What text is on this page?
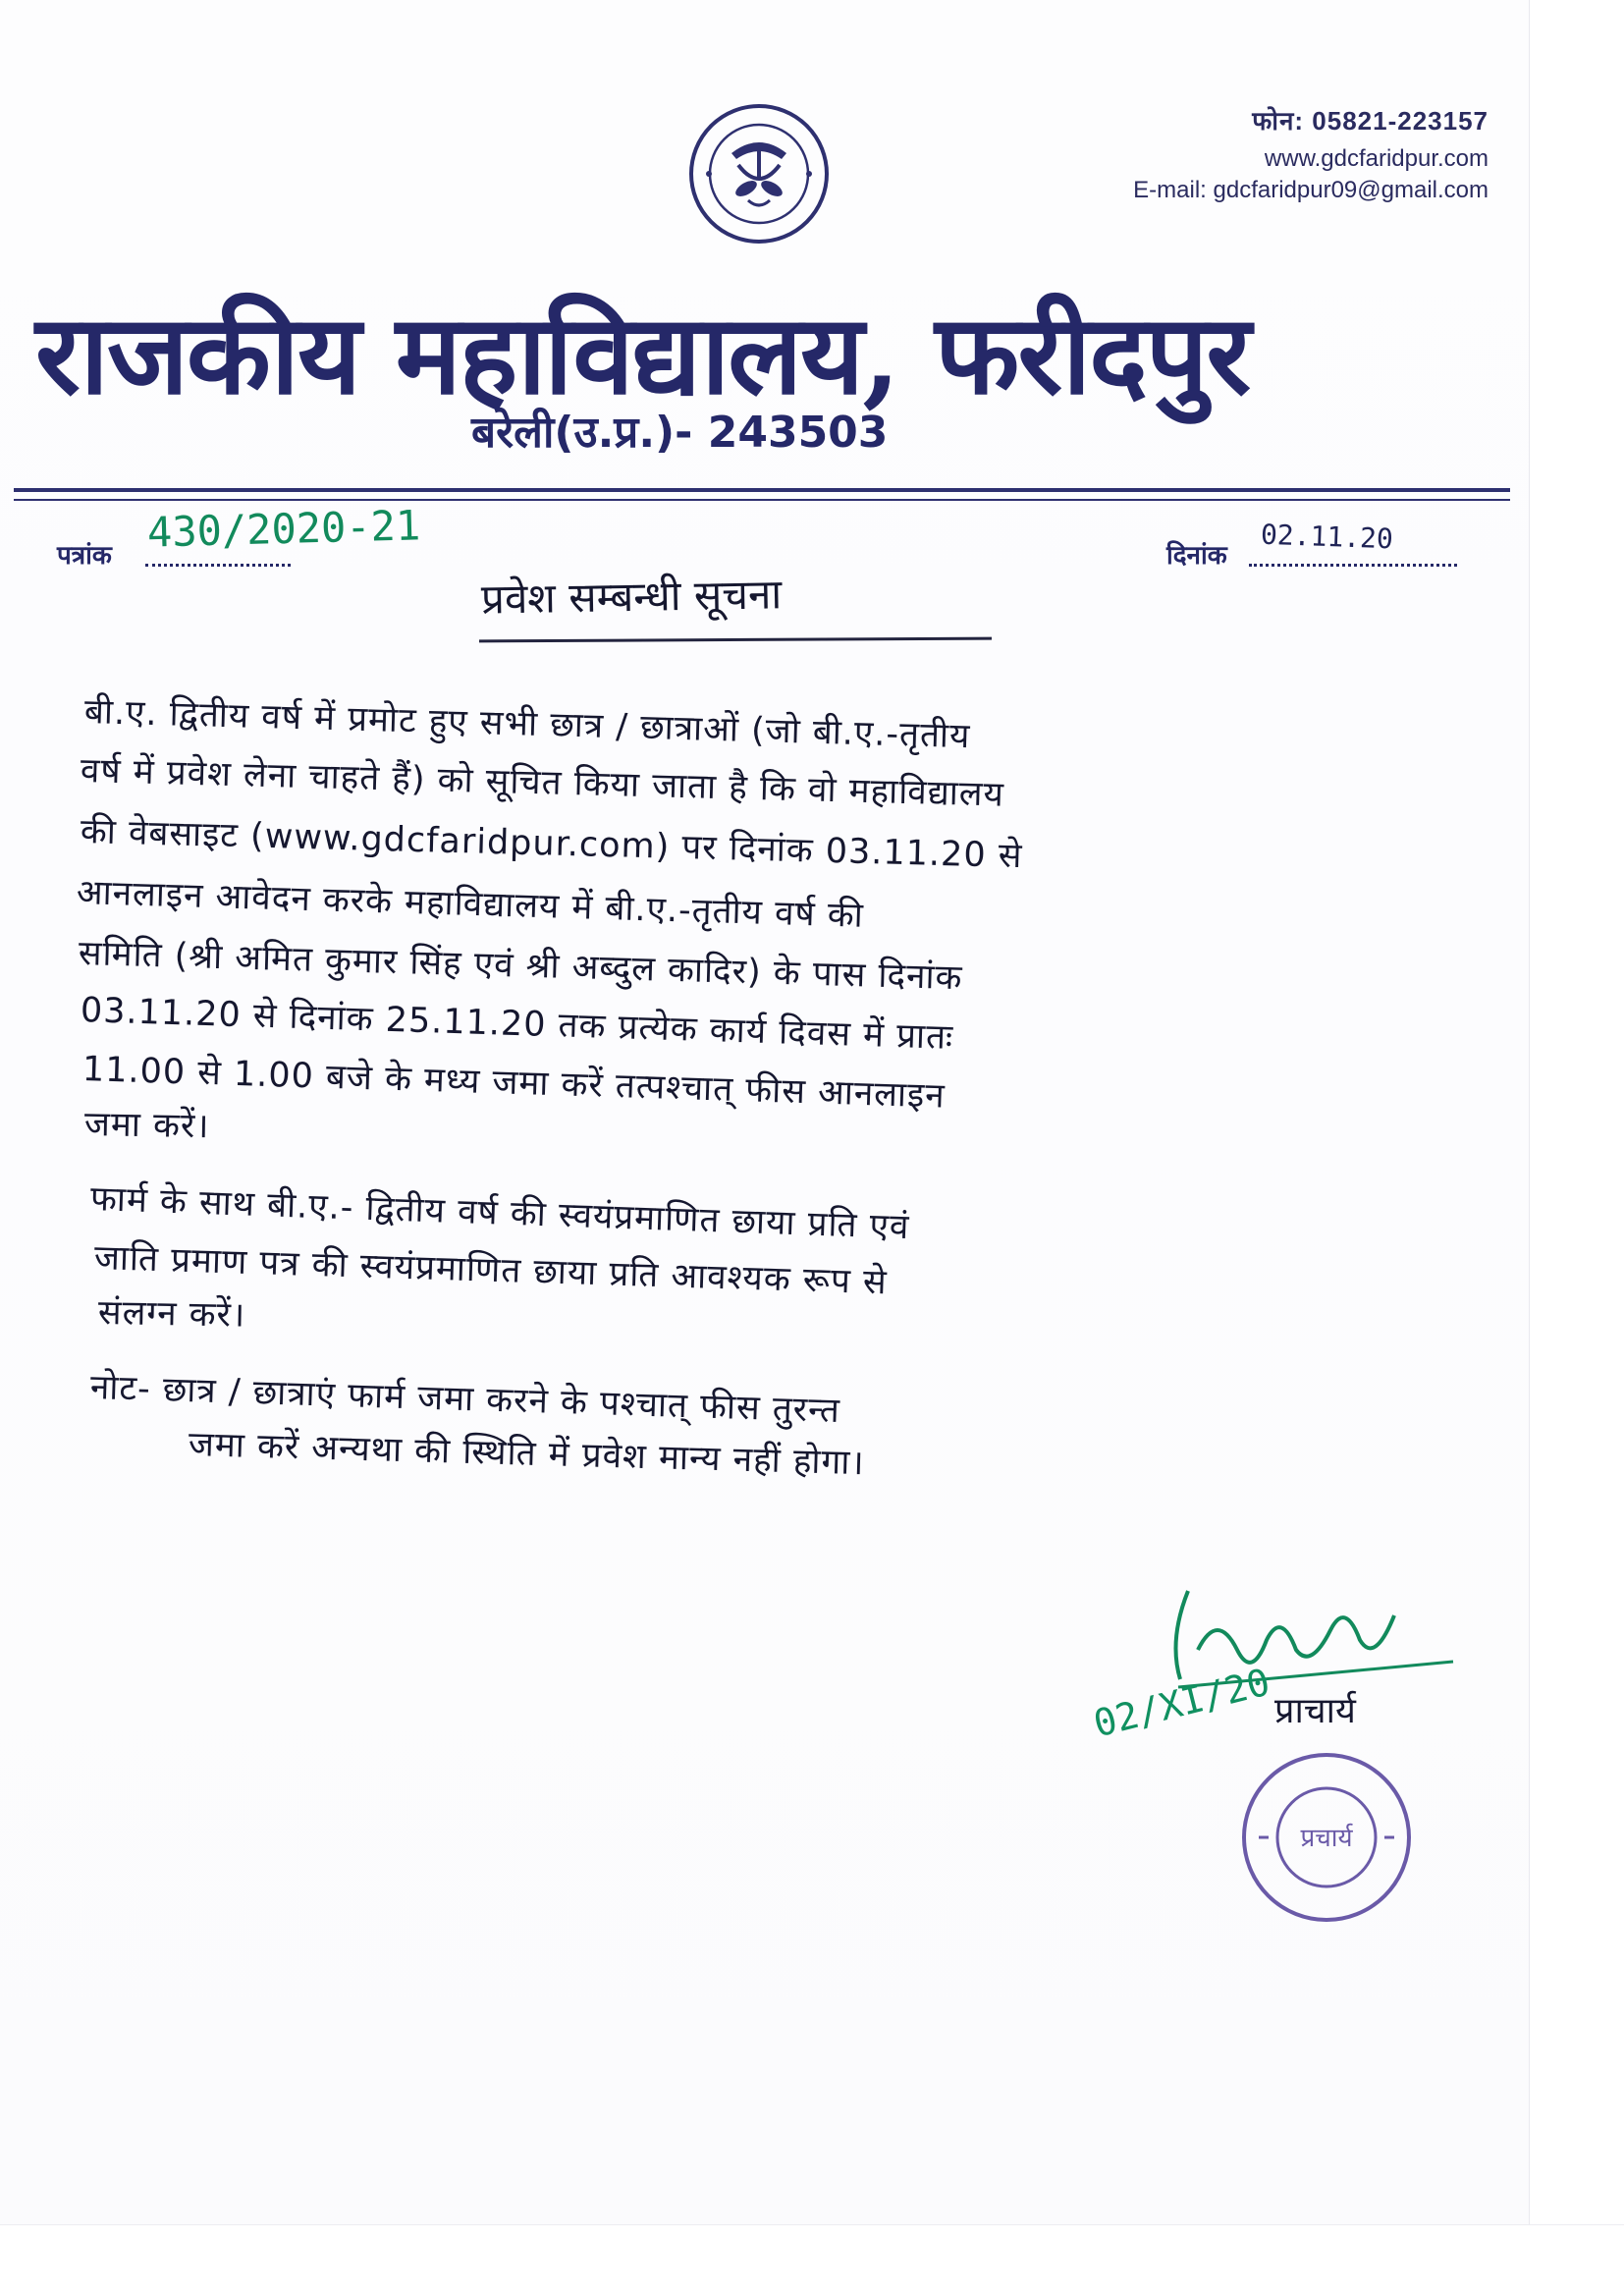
फोन: 05821-223157
www.gdcfaridpur.com
E-mail: gdcfaridpur09@gmail.com
राजकीय महाविद्यालय, फरीदपुर
बरेली(उ.प्र.)- 243503
पत्रांक 430/2020-21	दिनांक
02.11.20
प्रवेश सम्बन्धी सूचना
बी.ए. द्वितीय वर्ष में प्रमोट हुए सभी छात्र / छात्राओं (जो बी.ए.-तृतीय
वर्ष में प्रवेश लेना चाहते हैं) को सूचित किया जाता है कि वो महाविद्यालय
की वेबसाइट (www.gdcfaridpur.com) पर दिनांक 03.11.20 से
आनलाइन आवेदन करके महाविद्यालय में बी.ए.-तृतीय वर्ष की
समिति (श्री अमित कुमार सिंह एवं श्री अब्दुल कादिर) के पास दिनांक
03.11.20 से दिनांक 25.11.20 तक प्रत्येक कार्य दिवस में प्रातः
11.00 से 1.00 बजे के मध्य जमा करें तत्पश्चात् फीस आनलाइन
जमा करें।
फार्म के साथ बी.ए.- द्वितीय वर्ष की स्वयंप्रमाणित छाया प्रति एवं
जाति प्रमाण पत्र की स्वयंप्रमाणित छाया प्रति आवश्यक रूप से
संलग्न करें।
नोट- छात्र / छात्राएं फार्म जमा करने के पश्चात् फीस तुरन्त
जमा करें अन्यथा की स्थिति में प्रवेश मान्य नहीं होगा।
02/XI/20 प्राचार्य
प्रचार्य
